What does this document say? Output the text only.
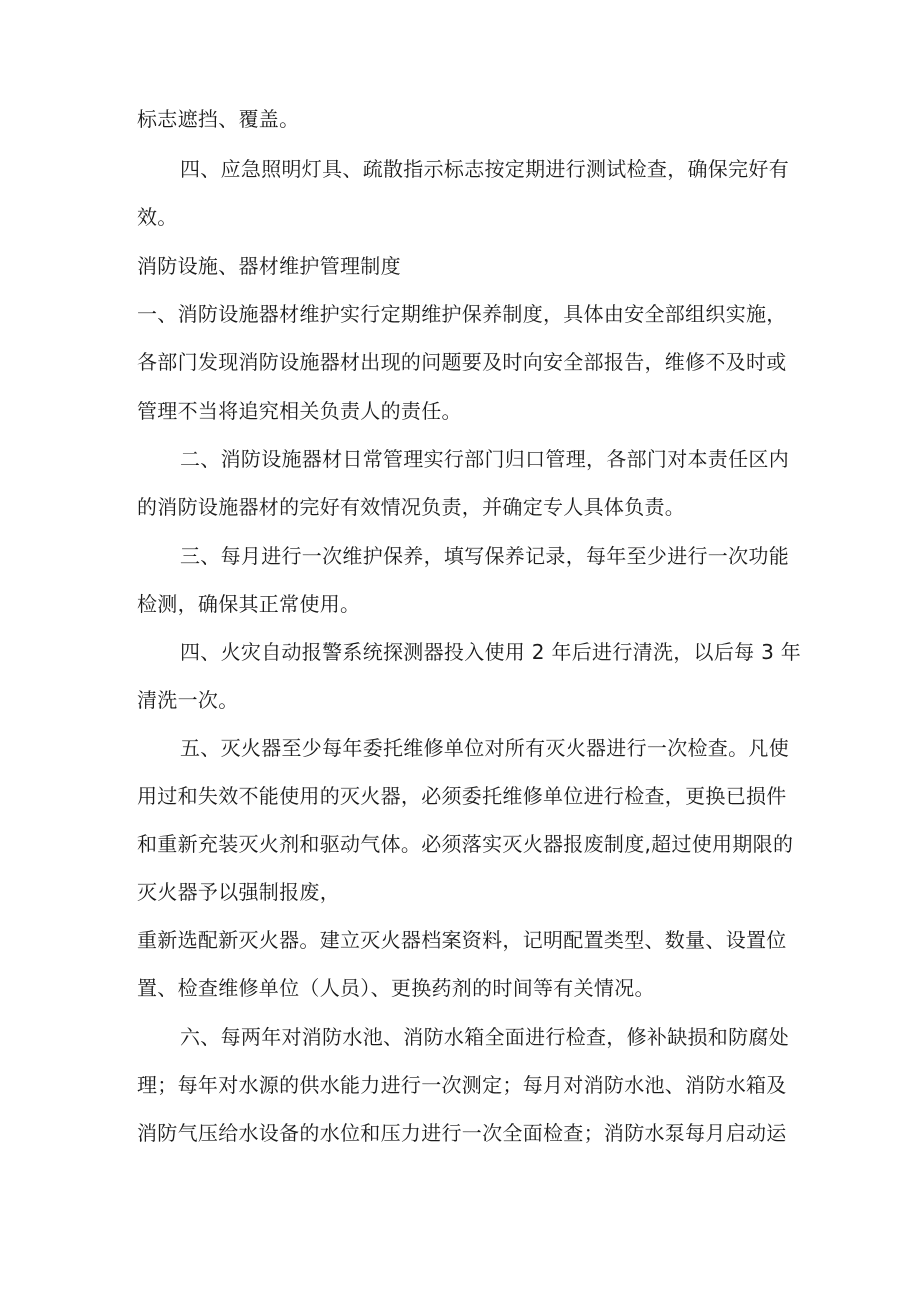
标志遮挡、覆盖。
四、应急照明灯具、疏散指示标志按定期进行测试检查，确保完好有
效。
消防设施、器材维护管理制度
一、消防设施器材维护实行定期维护保养制度，具体由安全部组织实施，
各部门发现消防设施器材出现的问题要及时向安全部报告，维修不及时或
管理不当将追究相关负责人的责任。
二、消防设施器材日常管理实行部门归口管理，各部门对本责任区内
的消防设施器材的完好有效情况负责，并确定专人具体负责。
三、每月进行一次维护保养，填写保养记录，每年至少进行一次功能
检测，确保其正常使用。
四、火灾自动报警系统探测器投入使用 2 年后进行清洗，以后每 3 年
清洗一次。
五、灭火器至少每年委托维修单位对所有灭火器进行一次检查。凡使
用过和失效不能使用的灭火器，必须委托维修单位进行检查，更换已损件
和重新充装灭火剂和驱动气体。必须落实灭火器报废制度,超过使用期限的
灭火器予以强制报废，
重新选配新灭火器。建立灭火器档案资料，记明配置类型、数量、设置位
置、检查维修单位（人员）、更换药剂的时间等有关情况。
六、每两年对消防水池、消防水箱全面进行检查，修补缺损和防腐处
理；每年对水源的供水能力进行一次测定；每月对消防水池、消防水箱及
消防气压给水设备的水位和压力进行一次全面检查；消防水泵每月启动运
